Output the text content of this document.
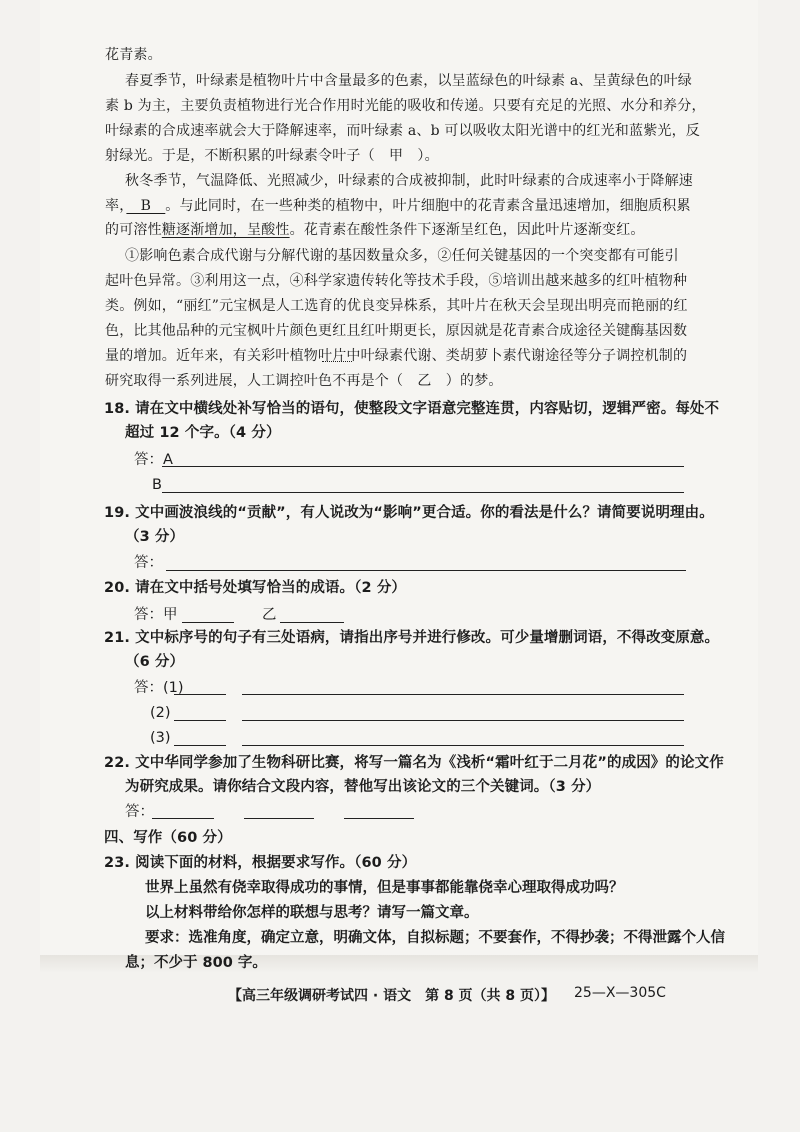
花青素。
春夏季节，叶绿素是植物叶片中含量最多的色素，以呈蓝绿色的叶绿素 a、呈黄绿色的叶绿
素 b 为主，主要负责植物进行光合作用时光能的吸收和传递。只要有充足的光照、水分和养分，
叶绿素的合成速率就会大于降解速率，而叶绿素 a、b 可以吸收太阳光谱中的红光和蓝紫光，反
射绿光。于是，不断积累的叶绿素令叶子（　甲　）。
秋冬季节，气温降低、光照减少，叶绿素的合成被抑制，此时叶绿素的合成速率小于降解速
率，　B　。与此同时，在一些种类的植物中，叶片细胞中的花青素含量迅速增加，细胞质积累
的可溶性糖逐渐增加，呈酸性。花青素在酸性条件下逐渐呈红色，因此叶片逐渐变红。
①影响色素合成代谢与分解代谢的基因数量众多，②任何关键基因的一个突变都有可能引
起叶色异常。③利用这一点，④科学家遗传转化等技术手段，⑤培训出越来越多的红叶植物种
类。例如，“丽红”元宝枫是人工选育的优良变异株系，其叶片在秋天会呈现出明亮而艳丽的红
色，比其他品种的元宝枫叶片颜色更红且红叶期更长，原因就是花青素合成途径关键酶基因数
量的增加。近年来，有关彩叶植物叶片中叶绿素代谢、类胡萝卜素代谢途径等分子调控机制的
研究取得一系列进展，人工调控叶色不再是个（　乙　）的梦。
18. 请在文中横线处补写恰当的语句，使整段文字语意完整连贯，内容贴切，逻辑严密。每处不
超过 12 个字。（4 分）
答：A
B
19. 文中画波浪线的“贡献”，有人说改为“影响”更合适。你的看法是什么？请简要说明理由。
（3 分）
答：
20. 请在文中括号处填写恰当的成语。（2 分）
答：甲	乙
21. 文中标序号的句子有三处语病，请指出序号并进行修改。可少量增删词语，不得改变原意。
（6 分）
答：(1)
(2)
(3)
22. 文中华同学参加了生物科研比赛，将写一篇名为《浅析“霜叶红于二月花”的成因》的论文作
为研究成果。请你结合文段内容，替他写出该论文的三个关键词。（3 分）
答：
四、写作（60 分）
23. 阅读下面的材料，根据要求写作。（60 分）
世界上虽然有侥幸取得成功的事情，但是事事都能靠侥幸心理取得成功吗？
以上材料带给你怎样的联想与思考？请写一篇文章。
要求：选准角度，确定立意，明确文体，自拟标题；不要套作，不得抄袭；不得泄露个人信
息；不少于 800 字。
【高三年级调研考试四 · 语文　第 8 页（共 8 页）】 25—X—305C
